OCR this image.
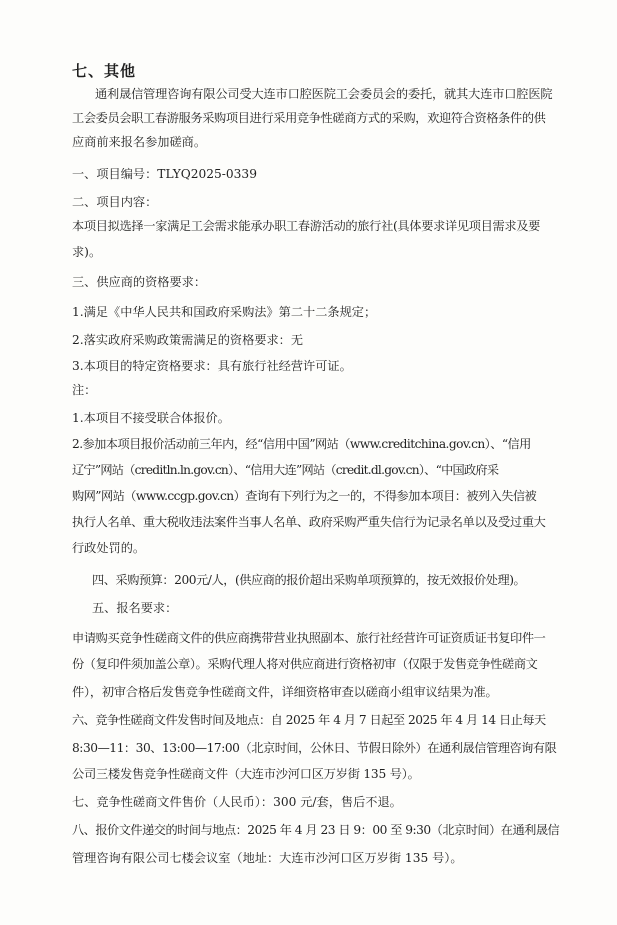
七、其他
通利晟信管理咨询有限公司受大连市口腔医院工会委员会的委托，就其大连市口腔医院
工会委员会职工春游服务采购项目进行采用竞争性磋商方式的采购，欢迎符合资格条件的供
应商前来报名参加磋商。
一、项目编号：TLYQ2025-0339
二、项目内容：
本项目拟选择一家满足工会需求能承办职工春游活动的旅行社(具体要求详见项目需求及要
求)。
三、供应商的资格要求：
1.满足《中华人民共和国政府采购法》第二十二条规定；
2.落实政府采购政策需满足的资格要求：无
3.本项目的特定资格要求：具有旅行社经营许可证。
注：
1.本项目不接受联合体报价。
2.参加本项目报价活动前三年内，经“信用中国”网站（www.creditchina.gov.cn）、“信用
辽宁”网站（creditln.ln.gov.cn）、“信用大连”网站（credit.dl.gov.cn）、“中国政府采
购网”网站（www.ccgp.gov.cn）查询有下列行为之一的，不得参加本项目：被列入失信被
执行人名单、重大税收违法案件当事人名单、政府采购严重失信行为记录名单以及受过重大
行政处罚的。
四、采购预算：200元/人，(供应商的报价超出采购单项预算的，按无效报价处理)。
五、报名要求：
申请购买竞争性磋商文件的供应商携带营业执照副本、旅行社经营许可证资质证书复印件一
份（复印件须加盖公章）。采购代理人将对供应商进行资格初审（仅限于发售竞争性磋商文
件），初审合格后发售竞争性磋商文件，详细资格审查以磋商小组审议结果为准。
六、竞争性磋商文件发售时间及地点：自 2025 年 4 月 7 日起至 2025 年 4 月 14 日止每天
8:30—11：30、13:00—17:00（北京时间，公休日、节假日除外）在通利晟信管理咨询有限
公司三楼发售竞争性磋商文件（大连市沙河口区万岁街 135 号）。
七、竞争性磋商文件售价（人民币）：300 元/套，售后不退。
八、报价文件递交的时间与地点：2025 年 4 月 23 日 9：00 至 9:30（北京时间）在通利晟信
管理咨询有限公司七楼会议室（地址：大连市沙河口区万岁街 135 号）。
